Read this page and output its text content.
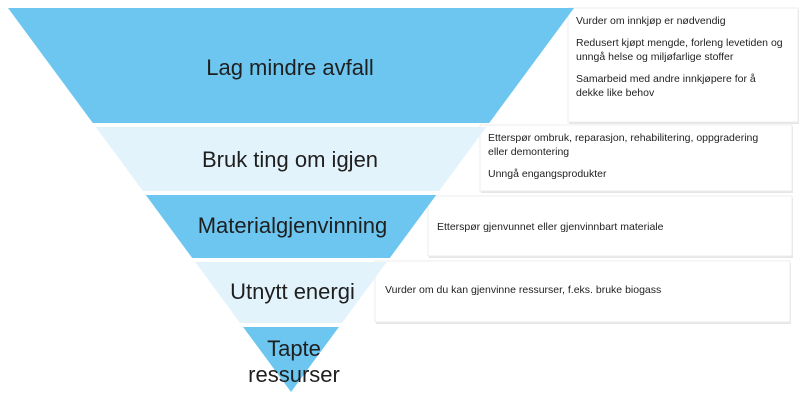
Lag mindre avfall
Bruk ting om igjen
Materialgjenvinning
Utnytt energi
Tapte
ressurser

Vurder om innkjøp er nødvendig

Redusert kjøpt mengde, forleng levetiden og unngå helse og miljøfarlige stoffer

Samarbeid med andre innkjøpere for å dekke like behov

Etterspør ombruk, reparasjon, rehabilitering, oppgradering eller demontering

Unngå engangsprodukter

Etterspør gjenvunnet eller gjenvinnbart materiale

Vurder om du kan gjenvinne ressurser, f.eks. bruke biogass
